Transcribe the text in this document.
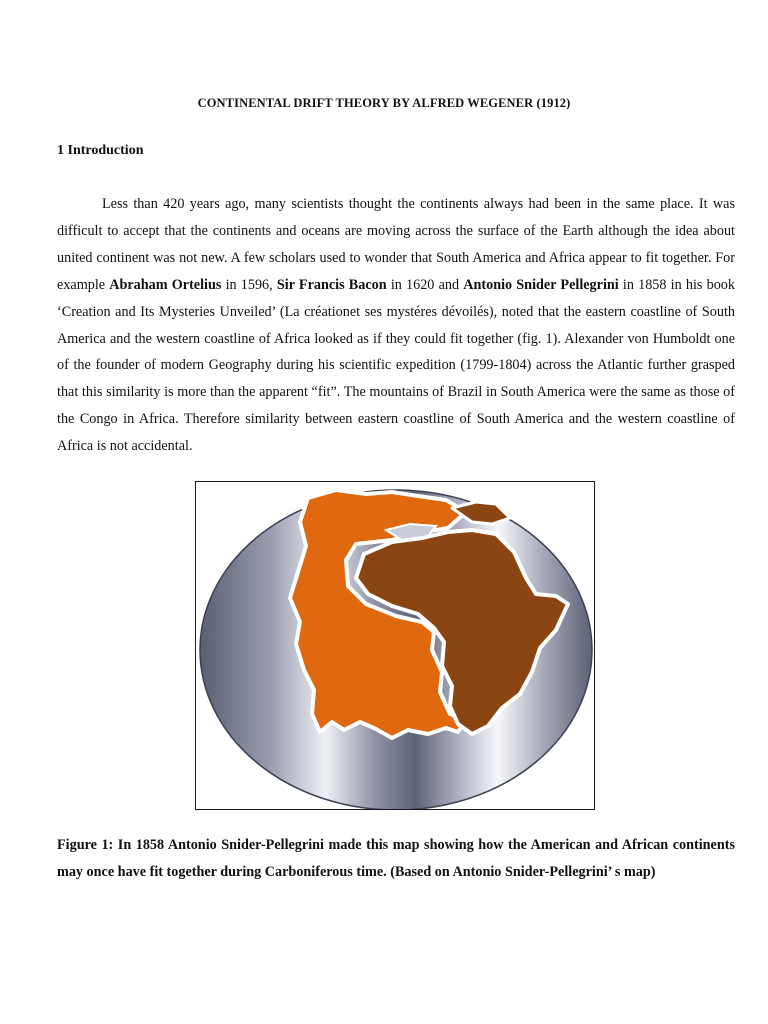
CONTINENTAL DRIFT THEORY BY ALFRED WEGENER (1912)
1 Introduction

Less than 420 years ago, many scientists thought the continents always had been in the same place. It was difficult to accept that the continents and oceans are moving across the surface of the Earth although the idea about united continent was not new. A few scholars used to wonder that South America and Africa appear to fit together. For example Abraham Ortelius in 1596, Sir Francis Bacon in 1620 and Antonio Snider Pellegrini in 1858 in his book ‘Creation and Its Mysteries Unveiled’ (La créationet ses mystéres dévoilés), noted that the eastern coastline of South America and the western coastline of Africa looked as if they could fit together (fig. 1). Alexander von Humboldt one of the founder of modern Geography during his scientific expedition (1799-1804) across the Atlantic further grasped that this similarity is more than the apparent “fit”. The mountains of Brazil in South America were the same as those of the Congo in Africa. Therefore similarity between eastern coastline of South America and the western coastline of Africa is not accidental.

Figure 1: In 1858 Antonio Snider-Pellegrini made this map showing how the American and African continents may once have fit together during Carboniferous time. (Based on Antonio Snider-Pellegrini’ s map)
